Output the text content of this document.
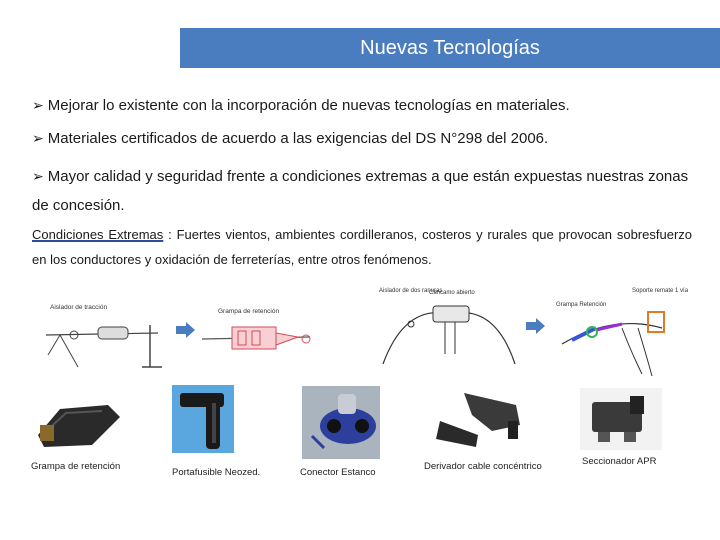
Nuevas Tecnologías
➢ Mejorar lo existente con la incorporación de nuevas tecnologías en materiales.
➢ Materiales certificados de acuerdo a las exigencias del DS N°298 del 2006.
➢ Mayor calidad y seguridad frente a condiciones extremas a que están expuestas nuestras zonas de concesión.
Condiciones Extremas : Fuertes vientos, ambientes cordilleranos, costeros y rurales que provocan sobresfuerzo en los conductores y oxidación de ferreterías, entre otros fenómenos.
Aislador de tracción
Grampa de retención
Aislador de dos ranuras
Cancamo abierto	Soporte remate 1 vía
Grampa Retención
Grampa de retención
Portafusible Neozed.	Conector Estanco
Derivador cable concéntrico	Seccionador APR
